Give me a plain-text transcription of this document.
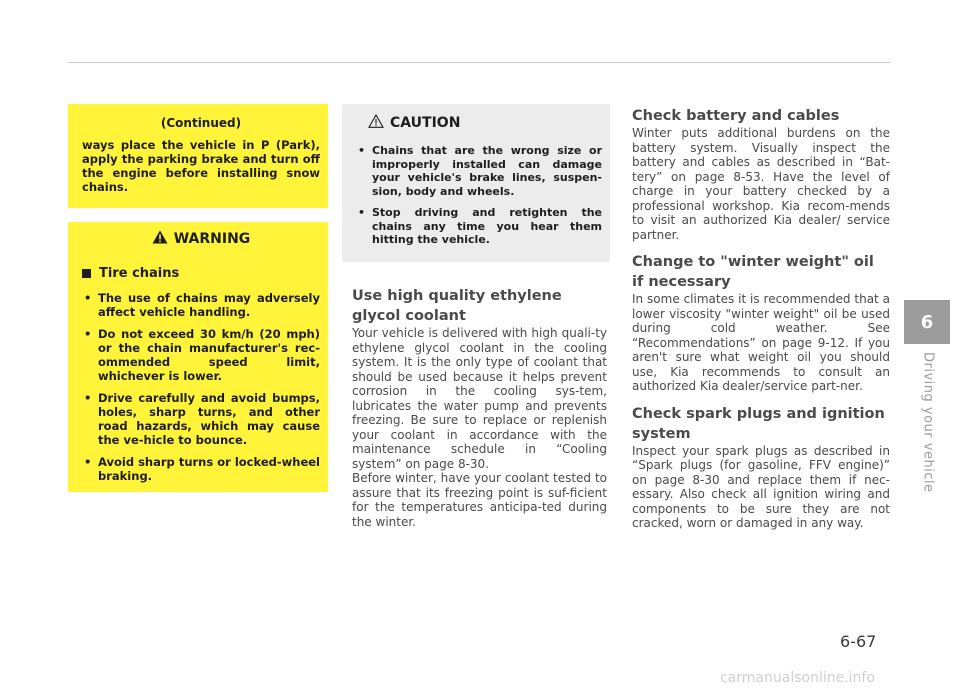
(Continued)
ways place the vehicle in P (Park), apply the parking brake and turn off the engine before installing snow chains.
WARNING
Tire chains
• The use of chains may adversely affect vehicle handling.
• Do not exceed 30 km/h (20 mph) or the chain manufacturer's rec-ommended speed limit, whichever is lower.
• Drive carefully and avoid bumps, holes, sharp turns, and other road hazards, which may cause the ve-hicle to bounce.
• Avoid sharp turns or locked-wheel braking.
CAUTION
• Chains that are the wrong size or improperly installed can damage your vehicle's brake lines, suspen-sion, body and wheels.
• Stop driving and retighten the chains any time you hear them hitting the vehicle.
Use high quality ethylene glycol coolant

Your vehicle is delivered with high quali-ty ethylene glycol coolant in the cooling system. It is the only type of coolant that should be used because it helps prevent corrosion in the cooling sys-tem, lubricates the water pump and prevents freezing. Be sure to replace or replenish your coolant in accordance with the maintenance schedule in “Cooling system” on page 8-30.

Before winter, have your coolant tested to assure that its freezing point is suf-ficient for the temperatures anticipa-ted during the winter.

Check battery and cables

Winter puts additional burdens on the battery system. Visually inspect the battery and cables as described in “Bat-tery” on page 8-53. Have the level of charge in your battery checked by a professional workshop. Kia recom-mends to visit an authorized Kia dealer/ service partner.

Change to "winter weight" oil if necessary

In some climates it is recommended that a lower viscosity "winter weight" oil be used during cold weather. See “Recommendations” on page 9-12. If you aren't sure what weight oil you should use, Kia recommends to consult an authorized Kia dealer/service part-ner.

Check spark plugs and ignition system

Inspect your spark plugs as described in “Spark plugs (for gasoline, FFV engine)” on page 8-30 and replace them if nec-essary. Also check all ignition wiring and components to be sure they are not cracked, worn or damaged in any way.

6
Driving your vehicle
6-67
carmanualsonline.info
